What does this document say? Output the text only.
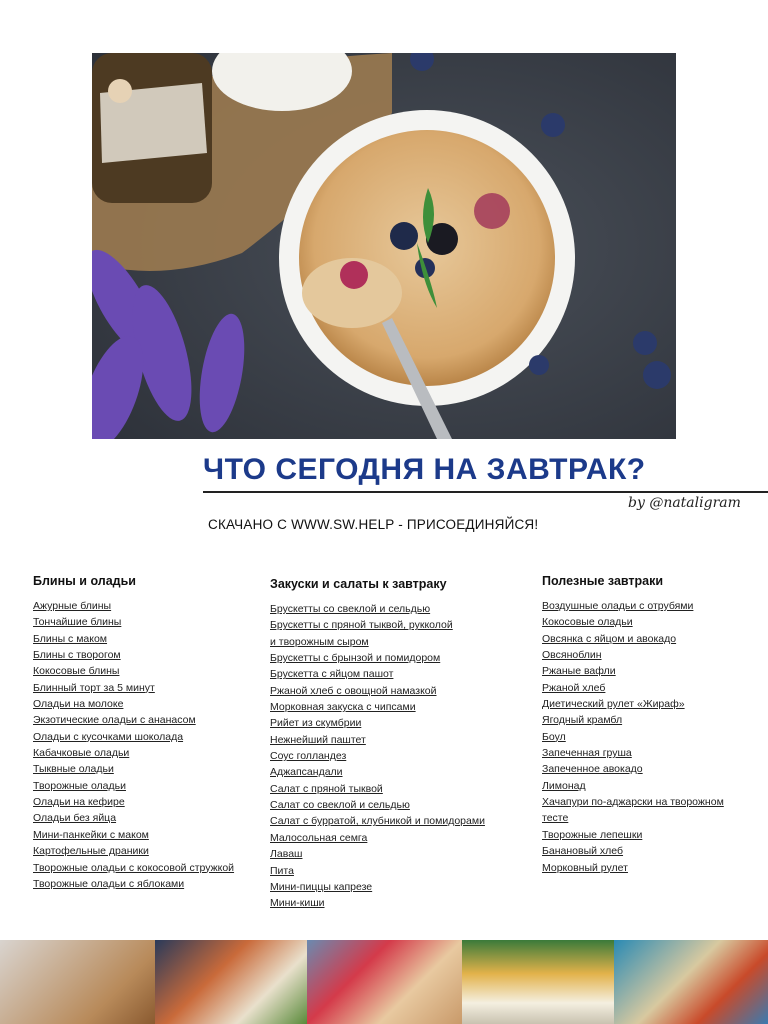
ЧТО СЕГОДНЯ НА ЗАВТРАК?
by @nataligram
СКАЧАНО С WWW.SW.HELP - ПРИСОЕДИНЯЙСЯ!
Блины и оладьи
Ажурные блины
Тончайшие блины
Блины с маком
Блины с творогом
Кокосовые блины
Блинный торт за 5 минут
Оладьи на молоке
Экзотические оладьи с ананасом
Оладьи с кусочками шоколада
Кабачковые оладьи
Тыквные оладьи
Творожные оладьи
Оладьи на кефире
Оладьи без яйца
Мини-панкейки с маком
Картофельные драники
Творожные оладьи с кокосовой стружкой
Творожные оладьи с яблоками
Закуски и салаты к завтраку
Брускетты со свеклой и сельдью
Брускетты с пряной тыквой, рукколой
и творожным сыром
Брускетты с брынзой и помидором
Брускетта с яйцом пашот
Ржаной хлеб с овощной намазкой
Морковная закуска с чипсами
Рийет из скумбрии
Нежнейший паштет
Соус голландез
Аджапсандали
Салат с пряной тыквой
Салат со свеклой и сельдью
Салат с бурратой, клубникой и помидорами
Малосольная семга
Лаваш
Пита
Мини-пиццы капрезе
Мини-киши
Полезные завтраки
Воздушные оладьи с отрубями
Кокосовые оладьи
Овсянка с яйцом и авокадо
Овсяноблин
Ржаные вафли
Ржаной хлеб
Диетический рулет «Жираф»
Ягодный крамбл
Боул
Запеченная груша
Запеченное авокадо
Лимонад
Хачапури по-аджарски на творожном
тесте
Творожные лепешки
Банановый хлеб
Морковный рулет
